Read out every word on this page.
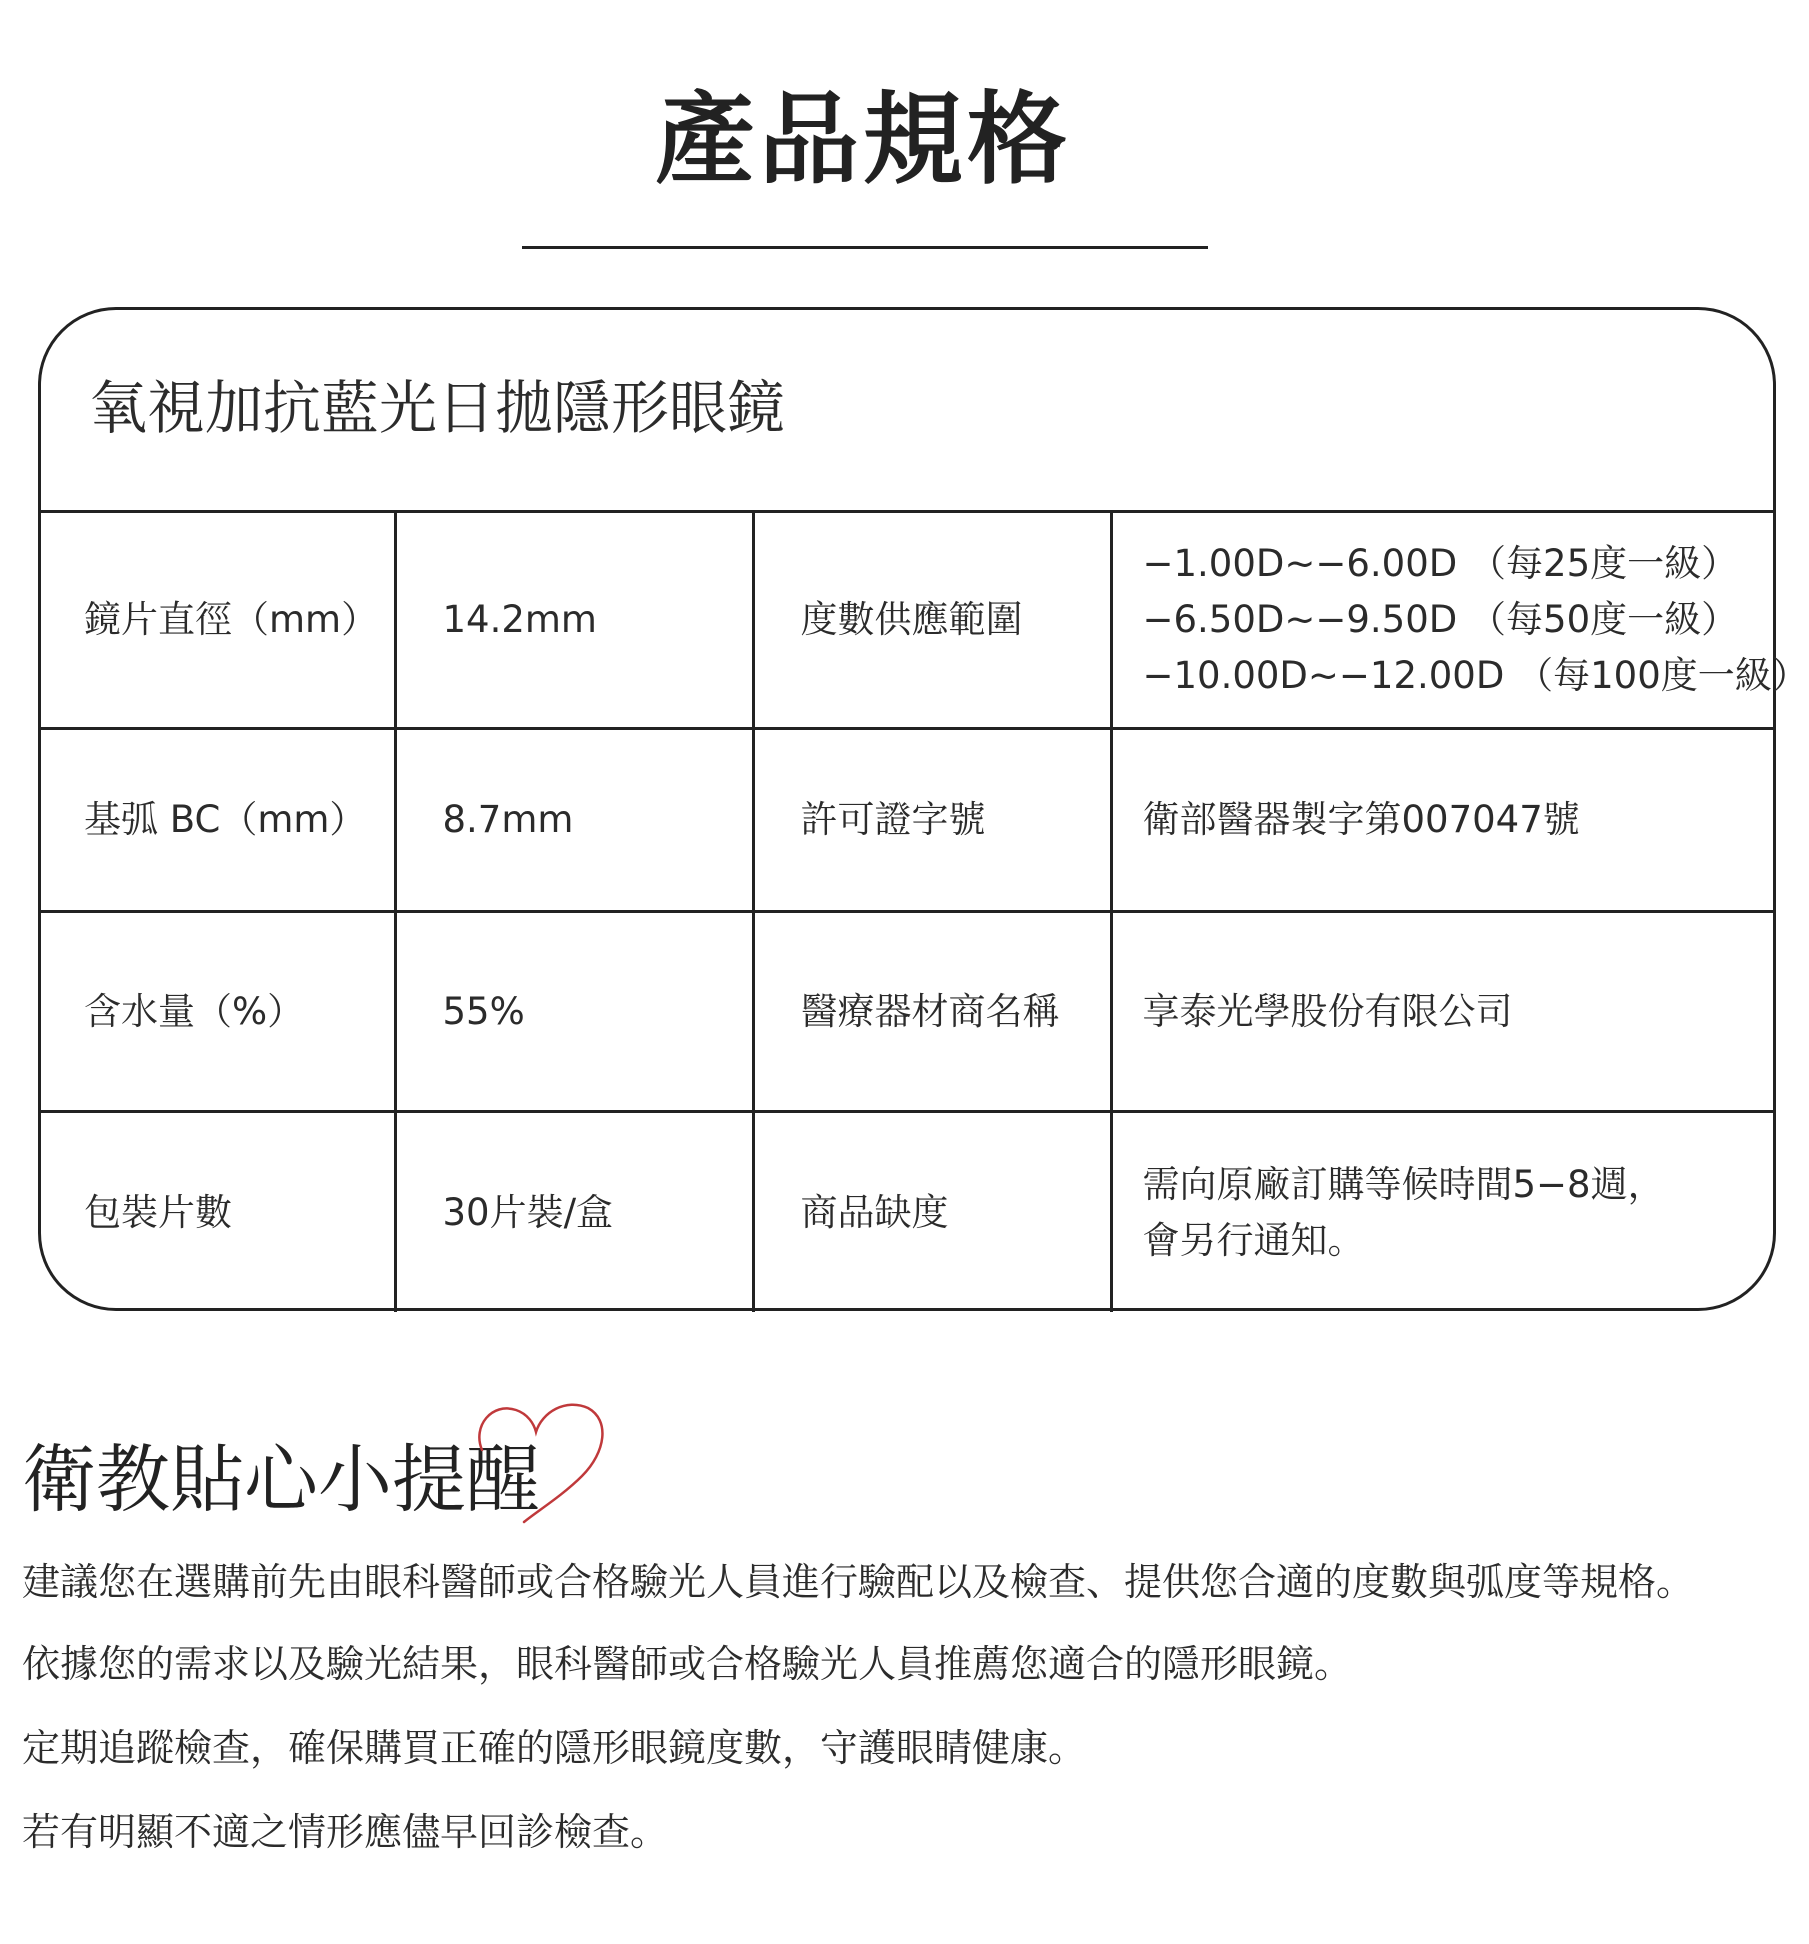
產品規格
氧視加抗藍光日拋隱形眼鏡
鏡片直徑（mm）	14.2mm	度數供應範圍	−1.00D~−6.00D （每25度一級）
−6.50D~−9.50D （每50度一級）
−10.00D~−12.00D （每100度一級）

基弧 BC（mm）	8.7mm	許可證字號	衛部醫器製字第007047號
含水量（%）	55%	醫療器材商名稱	享泰光學股份有限公司
包裝片數	30片裝/盒	商品缺度	需向原廠訂購等候時間5−8週，
會另行通知。
衛教貼心小提醒
建議您在選購前先由眼科醫師或合格驗光人員進行驗配以及檢查、提供您合適的度數與弧度等規格。
依據您的需求以及驗光結果，眼科醫師或合格驗光人員推薦您適合的隱形眼鏡。
定期追蹤檢查，確保購買正確的隱形眼鏡度數，守護眼睛健康。
若有明顯不適之情形應儘早回診檢查。
